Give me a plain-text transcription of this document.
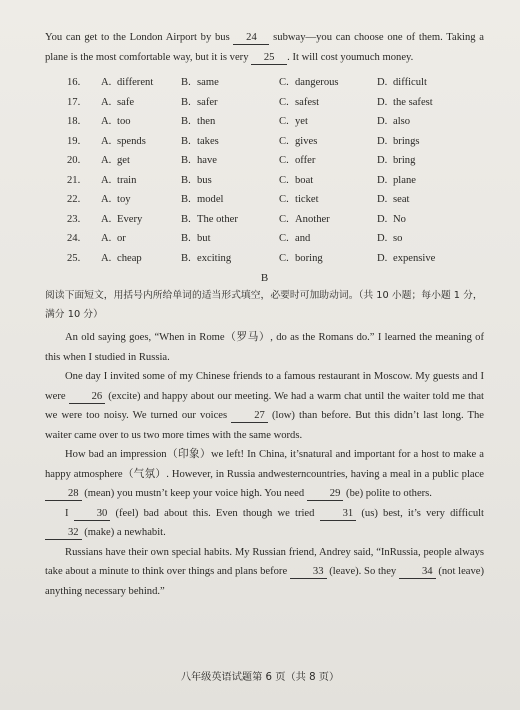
You can get to the London Airport by bus 24 subway—you can choose one of them. Taking a plane is the most comfortable way, but it is very 25 . It will cost youmuch money.

16.	A. different	B. same	C. dangerous	D. difficult
17.	A. safe	B. safer	C. safest	D. the safest
18.	A. too	B. then	C. yet	D. also
19.	A. spends	B. takes	C. gives	D. brings
20.	A. get	B. have	C. offer	D. bring
21.	A. train	B. bus	C. boat	D. plane
22.	A. toy	B. model	C. ticket	D. seat
23.	A. Every	B. The other	C. Another	D. No
24.	A. or	B. but	C. and	D. so
25.	A. cheap	B. exciting	C. boring	D. expensive
B

阅读下面短文，用括号内所给单词的适当形式填空，必要时可加助动词。（共 10 小题；每小题 1 分，满分 10 分）

An old saying goes, “When in Rome（罗马）, do as the Romans do.” I learned the meaning of this when I studied in Russia.

One day I invited some of my Chinese friends to a famous restaurant in Moscow. My guests and I were 26 (excite) and happy about our meeting. We had a warm chat until the waiter told me that we were too noisy. We turned our voices	27 (low) than before. But this didn’t last long. The waiter came over to us two more times with the same words.

How bad an impression（印象）we left! In China, it’snatural and important for a host to make a happy atmosphere（气氛）. However, in Russia andwesterncountries, having a meal in a public place 28 (mean) you mustn’t keep your voice high. You need 29 (be) polite to others.

I	30 (feel) bad about this. Even though we tried	31 (us) best, it’s very difficult 32 (make) a newhabit.

Russians have their own special habits. My Russian friend, Andrey said, “InRussia, people always take about a minute to think over things and plans before 33 (leave). So they 34 (not leave) anything necessary behind.”

八年级英语试题第 6 页（共 8 页）
